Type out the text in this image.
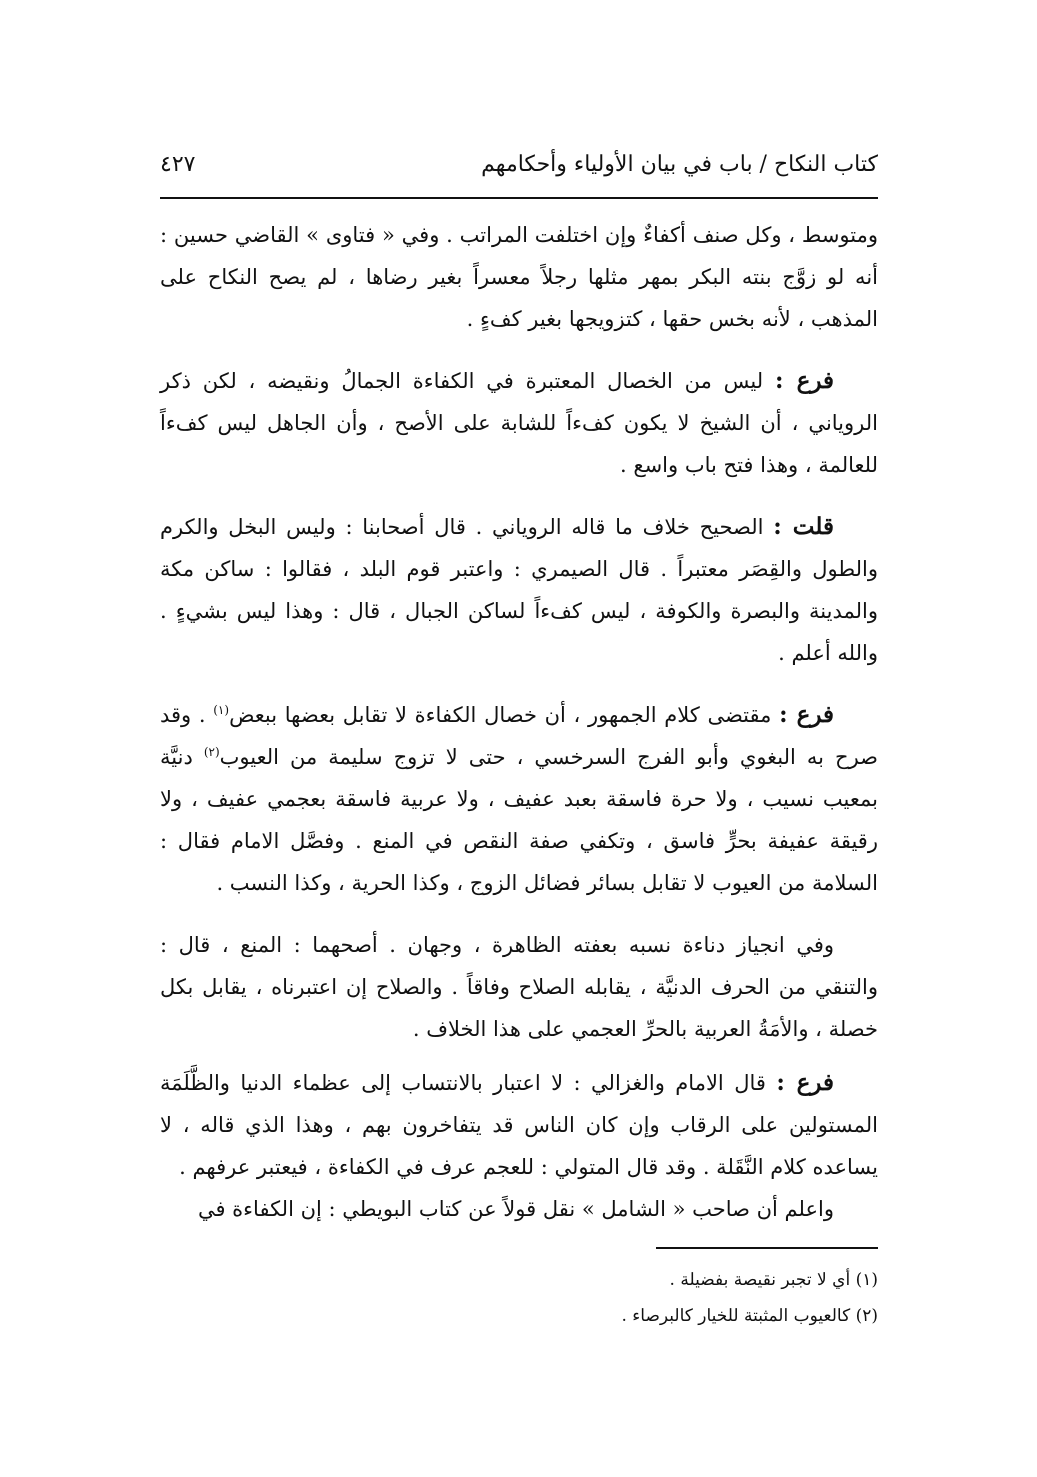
كتاب النكاح / باب في بيان الأولياء وأحكامهم
٤٢٧

ومتوسط ، وكل صنف أكفاءٌ وإن اختلفت المراتب . وفي « فتاوى » القاضي حسين : أنه لو زوَّج بنته البكر بمهر مثلها رجلاً معسراً بغير رضاها ، لم يصح النكاح على المذهب ، لأنه بخس حقها ، كتزويجها بغير كفءٍ .

فرع : ليس من الخصال المعتبرة في الكفاءة الجمالُ ونقيضه ، لكن ذكر الروياني ، أن الشيخ لا يكون كفءاً للشابة على الأصح ، وأن الجاهل ليس كفءاً للعالمة ، وهذا فتح باب واسع .

قلت : الصحيح خلاف ما قاله الروياني . قال أصحابنا : وليس البخل والكرم والطول والقِصَر معتبراً . قال الصيمري : واعتبر قوم البلد ، فقالوا : ساكن مكة والمدينة والبصرة والكوفة ، ليس كفءاً لساكن الجبال ، قال : وهذا ليس بشيءٍ . والله أعلم .

فرع : مقتضى كلام الجمهور ، أن خصال الكفاءة لا تقابل بعضها ببعض$^{(١)}$ . وقد صرح به البغوي وأبو الفرج السرخسي ، حتى لا تزوج سليمة من العيوب$^{(٢)}$ دنيَّة بمعيب نسيب ، ولا حرة فاسقة بعبد عفيف ، ولا عربية فاسقة بعجمي عفيف ، ولا رقيقة عفيفة بحرٍّ فاسق ، وتكفي صفة النقص في المنع . وفصَّل الامام فقال : السلامة من العيوب لا تقابل بسائر فضائل الزوج ، وكذا الحرية ، وكذا النسب .

وفي انجياز دناءة نسبه بعفته الظاهرة ، وجهان . أصحهما : المنع ، قال : والتنقي من الحرف الدنيَّة ، يقابله الصلاح وفاقاً . والصلاح إن اعتبرناه ، يقابل بكل خصلة ، والأمَةُ العربية بالحرِّ العجمي على هذا الخلاف .

فرع : قال الامام والغزالي : لا اعتبار بالانتساب إلى عظماء الدنيا والظَّلَمَة المستولين على الرقاب وإن كان الناس قد يتفاخرون بهم ، وهذا الذي قاله ، لا يساعده كلام النَّقَلة . وقد قال المتولي : للعجم عرف في الكفاءة ، فيعتبر عرفهم .

واعلم أن صاحب « الشامل » نقل قولاً عن كتاب البويطي : إن الكفاءة في

(١) أي لا تجبر نقيصة بفضيلة .

(٢) كالعيوب المثبتة للخيار كالبرصاء .
